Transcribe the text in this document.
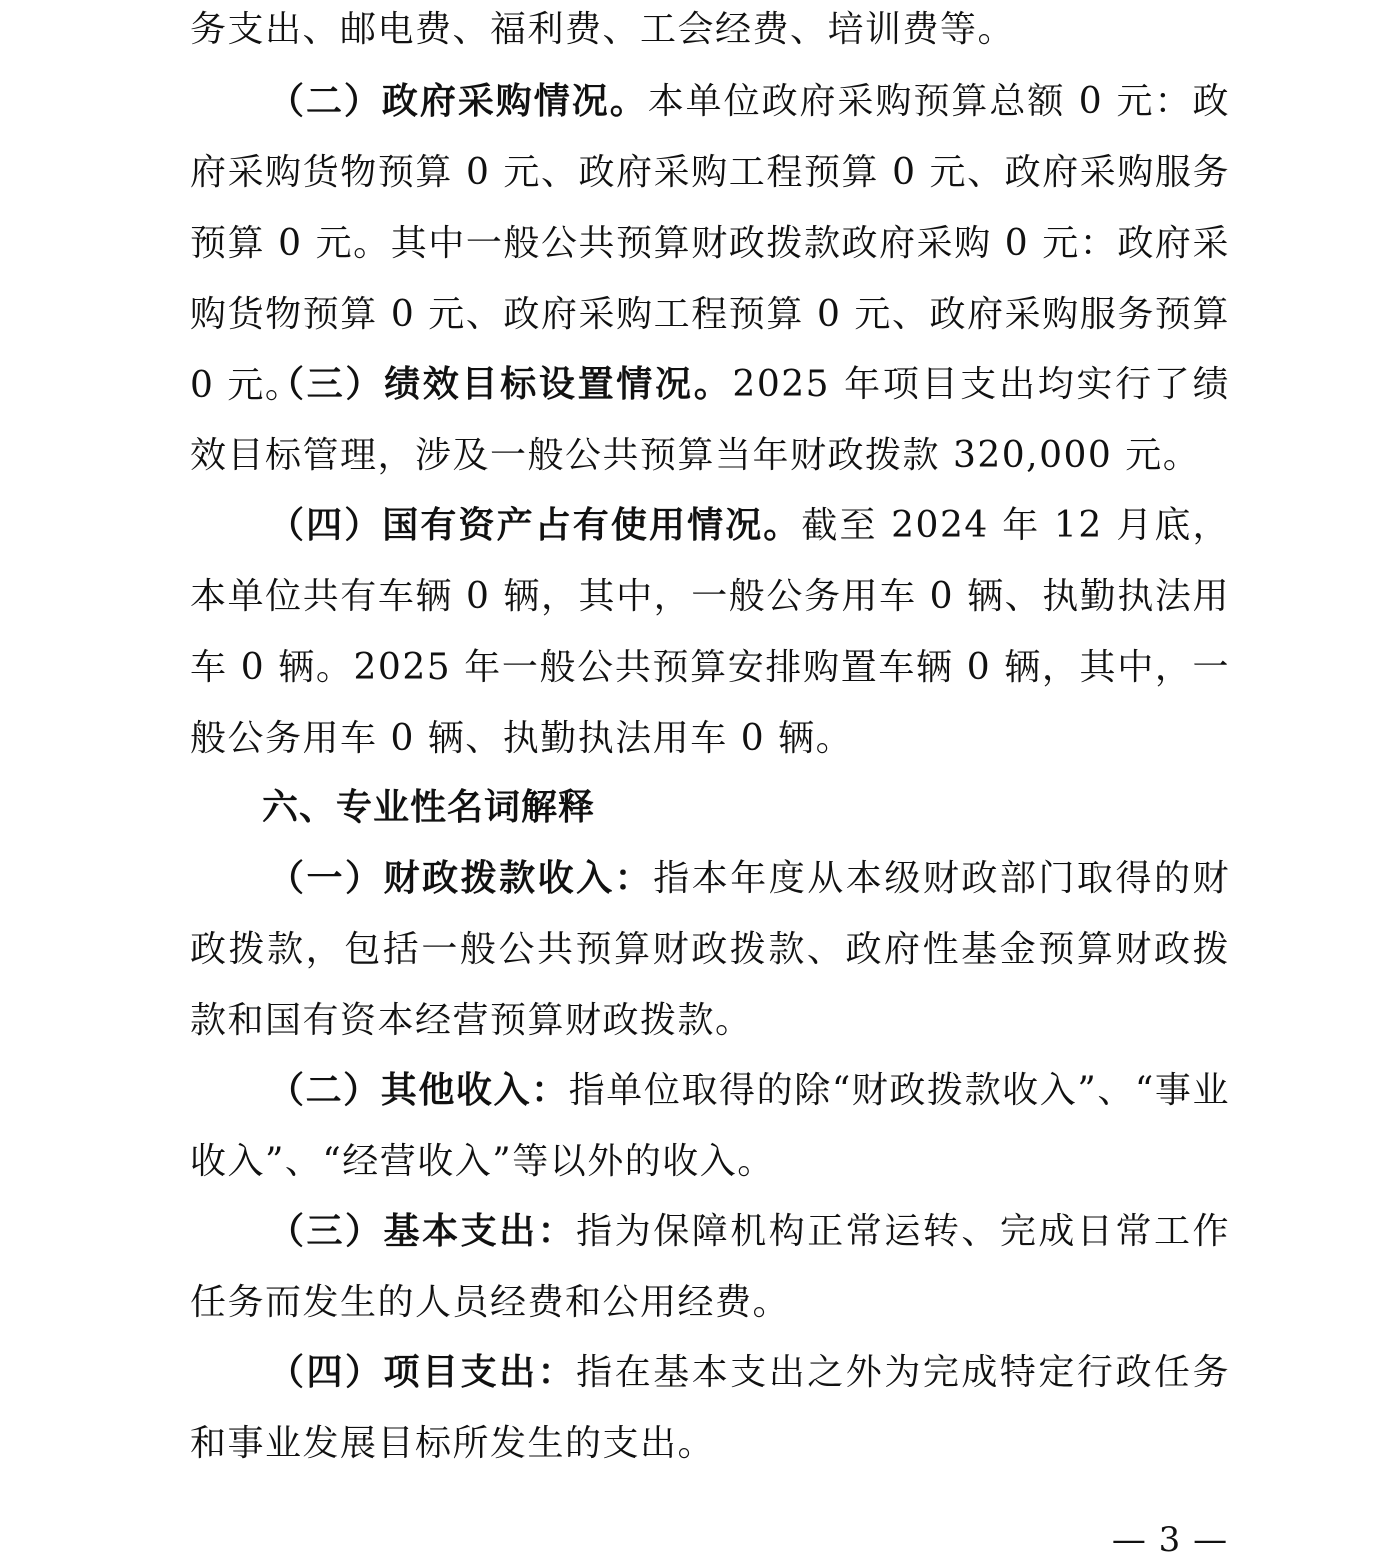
务支出、邮电费、福利费、工会经费、培训费等。

（二）政府采购情况。本单位政府采购预算总额 0 元：政府采购货物预算 0 元、政府采购工程预算 0 元、政府采购服务预算 0 元。其中一般公共预算财政拨款政府采购 0 元：政府采购货物预算 0 元、政府采购工程预算 0 元、政府采购服务预算 0 元。

（三）绩效目标设置情况。2025 年项目支出均实行了绩效目标管理，涉及一般公共预算当年财政拨款 320,000 元。

（四）国有资产占有使用情况。截至 2024 年 12 月底，本单位共有车辆 0 辆，其中，一般公务用车 0 辆、执勤执法用车 0 辆。2025 年一般公共预算安排购置车辆 0 辆，其中，一般公务用车 0 辆、执勤执法用车 0 辆。

六、专业性名词解释

（一）财政拨款收入：指本年度从本级财政部门取得的财政拨款，包括一般公共预算财政拨款、政府性基金预算财政拨款和国有资本经营预算财政拨款。

（二）其他收入：指单位取得的除“财政拨款收入”、“事业收入”、“经营收入”等以外的收入。

（三）基本支出：指为保障机构正常运转、完成日常工作任务而发生的人员经费和公用经费。

（四）项目支出：指在基本支出之外为完成特定行政任务和事业发展目标所发生的支出。

— 3 —
